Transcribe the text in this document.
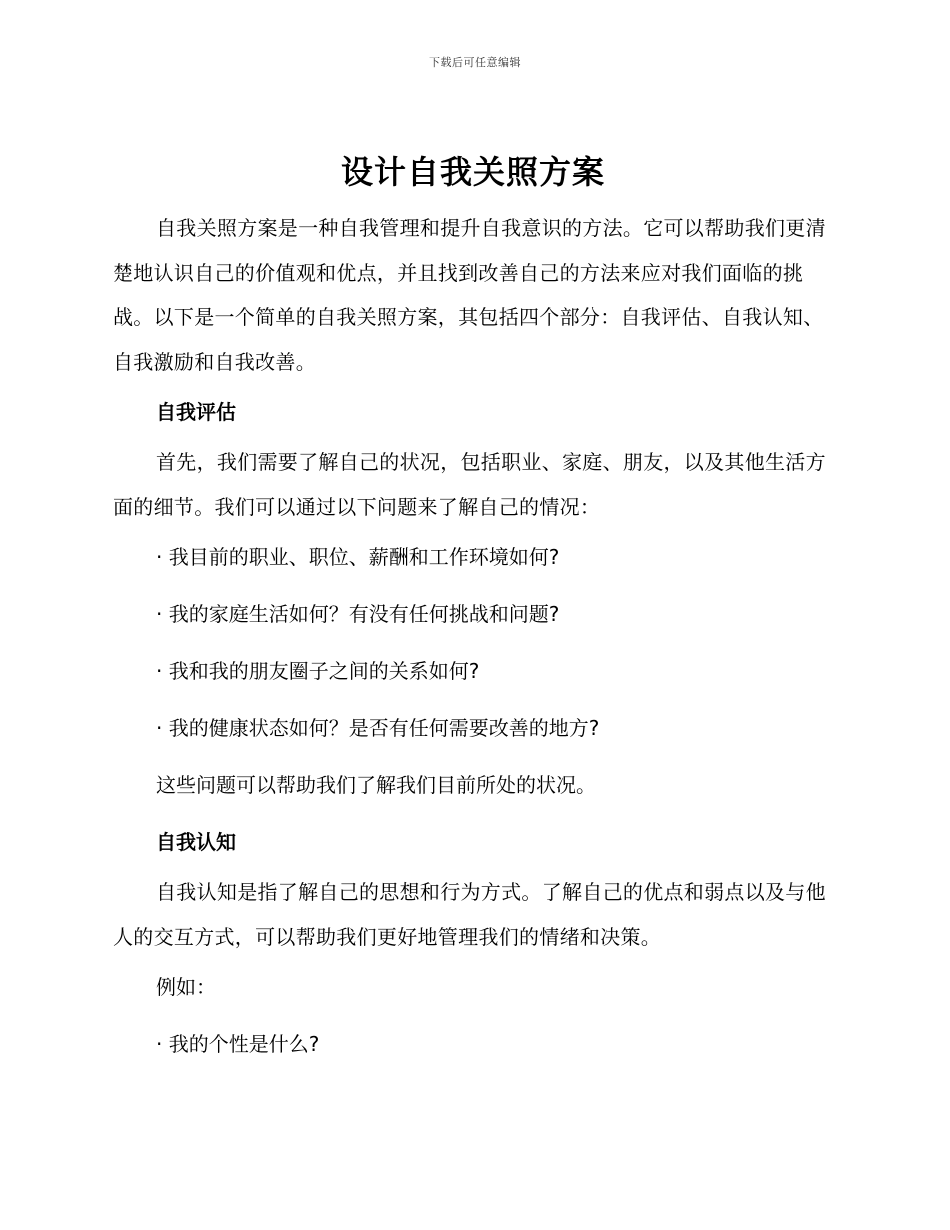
下载后可任意编辑
设计自我关照方案

自我关照方案是一种自我管理和提升自我意识的方法。它可以帮助我们更清楚地认识自己的价值观和优点，并且找到改善自己的方法来应对我们面临的挑战。以下是一个简单的自我关照方案，其包括四个部分：自我评估、自我认知、自我激励和自我改善。

自我评估

首先，我们需要了解自己的状况，包括职业、家庭、朋友，以及其他生活方面的细节。我们可以通过以下问题来了解自己的情况：

· 我目前的职业、职位、薪酬和工作环境如何?
· 我的家庭生活如何？有没有任何挑战和问题?
· 我和我的朋友圈子之间的关系如何?
· 我的健康状态如何？是否有任何需要改善的地方?
这些问题可以帮助我们了解我们目前所处的状况。
自我认知

自我认知是指了解自己的思想和行为方式。了解自己的优点和弱点以及与他人的交互方式，可以帮助我们更好地管理我们的情绪和决策。

例如：
· 我的个性是什么?
